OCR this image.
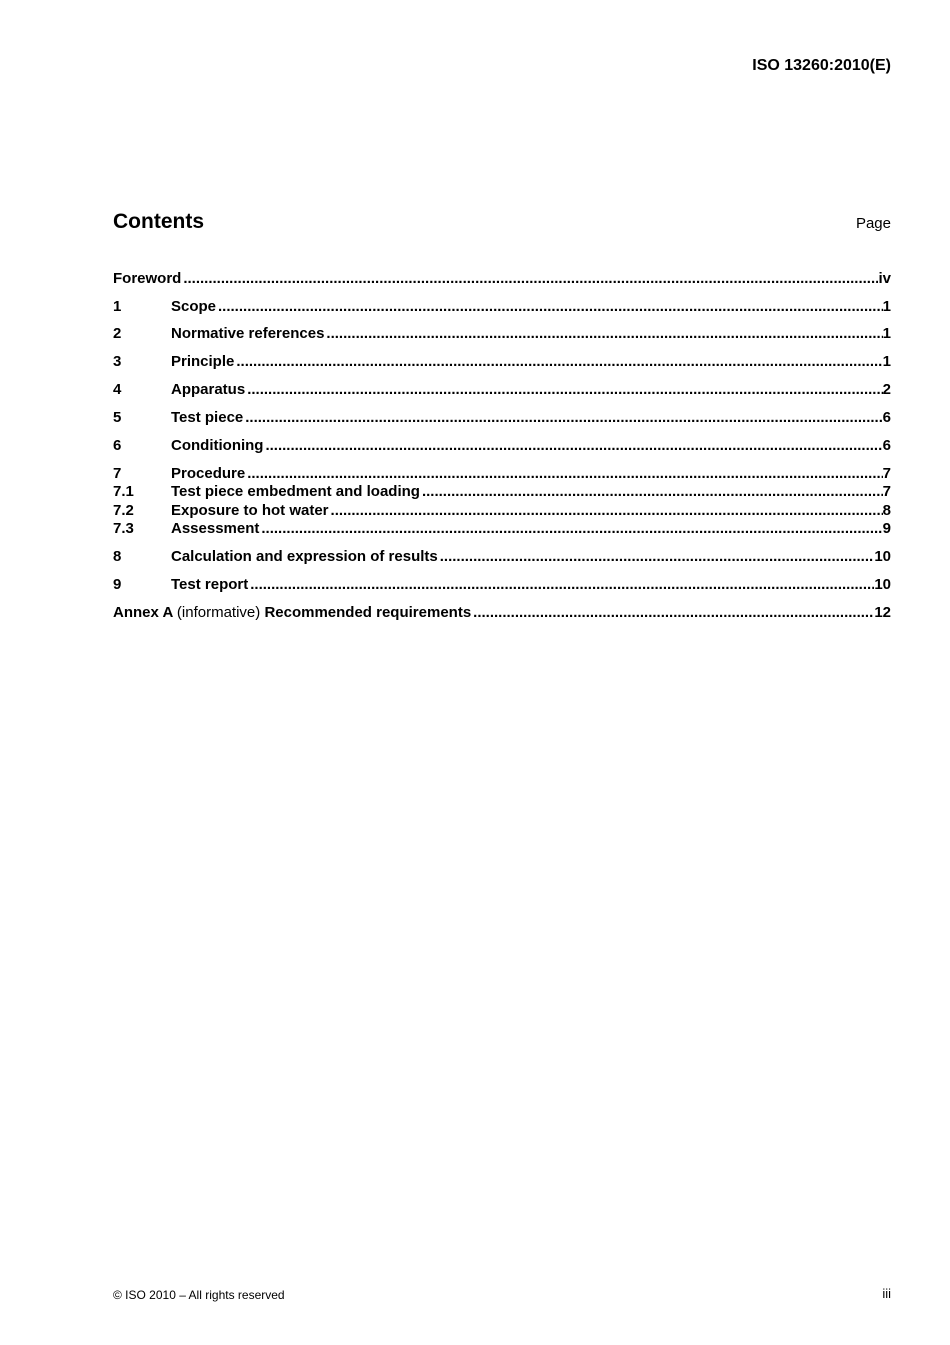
ISO 13260:2010(E)
Contents	Page
Foreword .....	iv
1	Scope .....	1
2	Normative references .....	1
3	Principle .....	1
4	Apparatus .....	2
5	Test piece .....	6
6	Conditioning .....	6
7	Procedure .....	7
7.1	Test piece embedment and loading .....	7
7.2	Exposure to hot water .....	8
7.3	Assessment .....	9
8	Calculation and expression of results .....	10
9	Test report .....	10
Annex A (informative) Recommended requirements .....	12
© ISO 2010 – All rights reserved	iii
